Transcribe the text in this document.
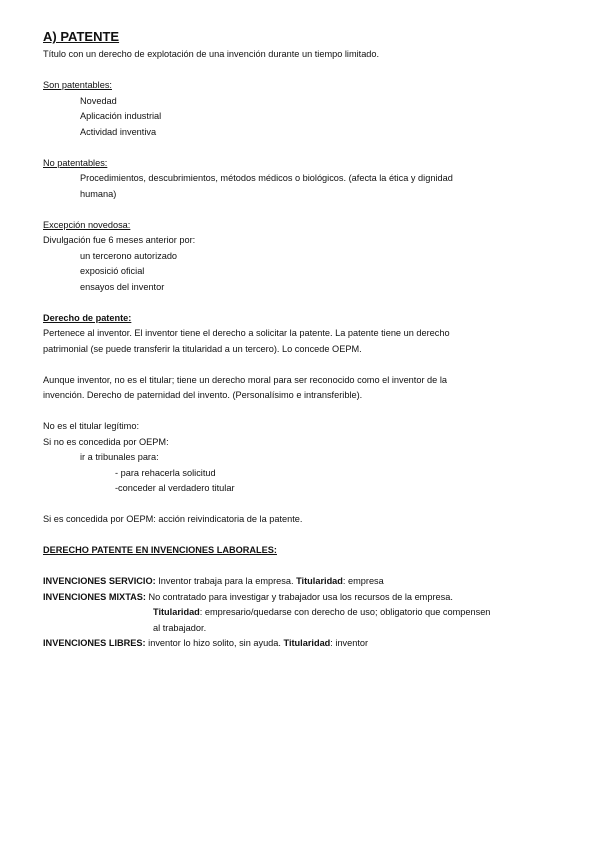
A) PATENTE

Título con un derecho de explotación de una invención durante un tiempo limitado.

Son patentables:

Novedad

Aplicación industrial

Actividad inventiva

No patentables:

Procedimientos, descubrimientos, métodos médicos o biológicos. (afecta la ética y dignidad

humana)

Excepción novedosa:

Divulgación fue 6 meses anterior por:

un tercerono autorizado

exposició oficial

ensayos del inventor

Derecho de patente:

Pertenece al inventor. El inventor tiene el derecho a solicitar la patente. La patente tiene un derecho

patrimonial (se puede transferir la titularidad a un tercero). Lo concede OEPM.

Aunque inventor, no es el titular; tiene un derecho moral para ser reconocido como el inventor de la

invención. Derecho de paternidad del invento. (Personalísimo e intransferible).

No es el titular legítimo:

Si no es concedida por OEPM:

ir a tribunales para:

- para rehacerla solicitud

-conceder al verdadero titular

Si es concedida por OEPM: acción reivindicatoria de la patente.

DERECHO PATENTE EN INVENCIONES LABORALES:

INVENCIONES SERVICIO: Inventor trabaja para la empresa. Titularidad: empresa

INVENCIONES MIXTAS: No contratado para investigar y trabajador usa los recursos de la empresa.

Titularidad: empresario/quedarse con derecho de uso; obligatorio que compensen

al trabajador.

INVENCIONES LIBRES: inventor lo hizo solito, sin ayuda. Titularidad: inventor
